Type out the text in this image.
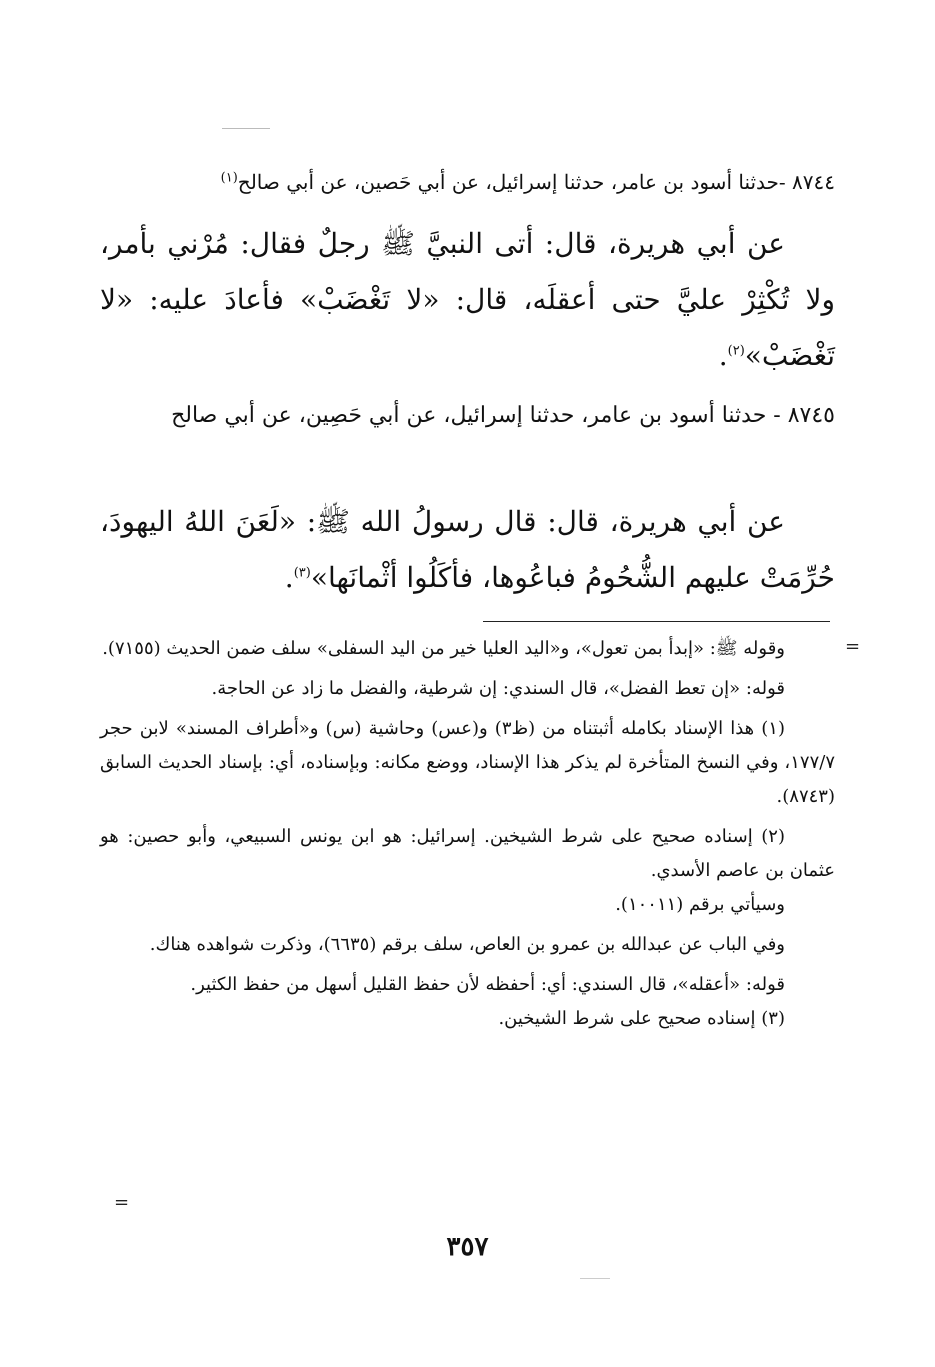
٨٧٤٤ -حدثنا أسود بن عامر، حدثنا إسرائيل، عن أبي حَصين، عن أبي صالح$^{(١)}$

عن أبي هريرة، قال: أتى النبيَّ ﷺ رجلٌ فقال: مُرْني بأمر، ولا تُكْثِرْ عليَّ حتى أعقلَه، قال: «لا تَغْضَبْ» فأعادَ عليه: «لا تَغْضَبْ»$^{(٢)}$.

٨٧٤٥ - حدثنا أسود بن عامر، حدثنا إسرائيل، عن أبي حَصِين، عن أبي صالح

عن أبي هريرة، قال: قال رسولُ الله ﷺ: «لَعَنَ اللهُ اليهودَ، حُرِّمَتْ عليهم الشُّحُومُ فباعُوها، فأكَلُوا أثْمانَها»$^{(٣)}$.

=

وقوله ﷺ: «إبدأ بمن تعول»، و«اليد العليا خير من اليد السفلى» سلف ضمن الحديث (٧١٥٥).

قوله: «إن تعط الفضل»، قال السندي: إن شرطية، والفضل ما زاد عن الحاجة.

(١) هذا الإسناد بكامله أثبتناه من (ظ٣) و(عس) وحاشية (س) و«أطراف المسند» لابن حجر ١٧٧/٧، وفي النسخ المتأخرة لم يذكر هذا الإسناد، ووضع مكانه: وبإسناده، أي: بإسناد الحديث السابق (٨٧٤٣).

(٢) إسناده صحيح على شرط الشيخين. إسرائيل: هو ابن يونس السبيعي، وأبو حصين: هو عثمان بن عاصم الأسدي.

وسيأتي برقم (١٠٠١١).

وفي الباب عن عبدالله بن عمرو بن العاص، سلف برقم (٦٦٣٥)، وذكرت شواهده هناك.

قوله: «أعقله»، قال السندي: أي: أحفظه لأن حفظ القليل أسهل من حفظ الكثير.

(٣) إسناده صحيح على شرط الشيخين.

=
٣٥٧
